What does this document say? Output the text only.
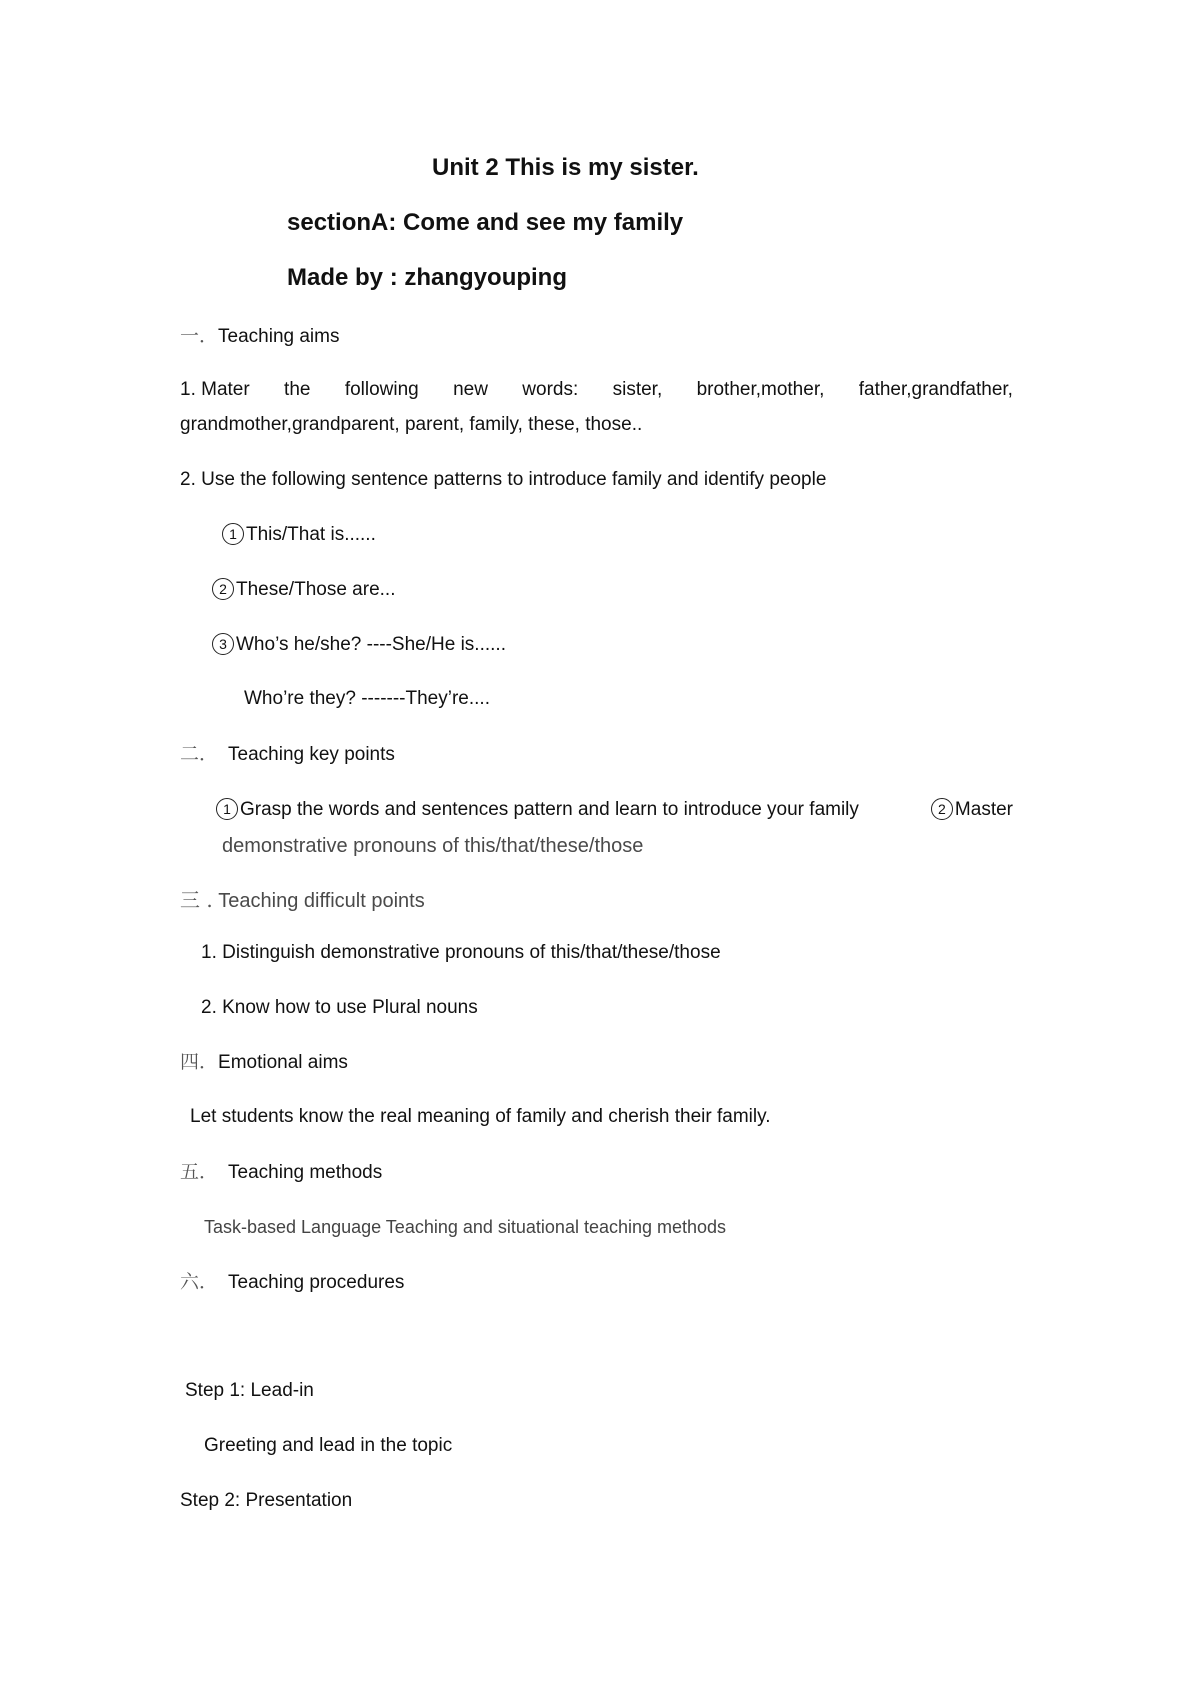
Unit 2 This is my sister.
sectionA: Come and see my family
Made by : zhangyouping
一．Teaching aims
1. Mater the following new words: sister, brother,mother, father,grandfather,
grandmother,grandparent, parent, family, these, those..
2. Use the following sentence patterns to introduce family and identify people
1 This/That is......
2 These/Those are...
3 Who’s he/she? ----She/He is......
Who’re they? -------They’re....
二． Teaching key points
1 Grasp the words and sentences pattern and learn to introduce your family	2 Master
demonstrative pronouns of this/that/these/those
三 . Teaching difficult points
1. Distinguish demonstrative pronouns of this/that/these/those
2. Know how to use Plural nouns
四．Emotional aims
Let students know the real meaning of family and cherish their family.
五． Teaching methods
Task-based Language Teaching and situational teaching methods
六． Teaching procedures
Step 1: Lead-in
Greeting and lead in the topic
Step 2: Presentation
